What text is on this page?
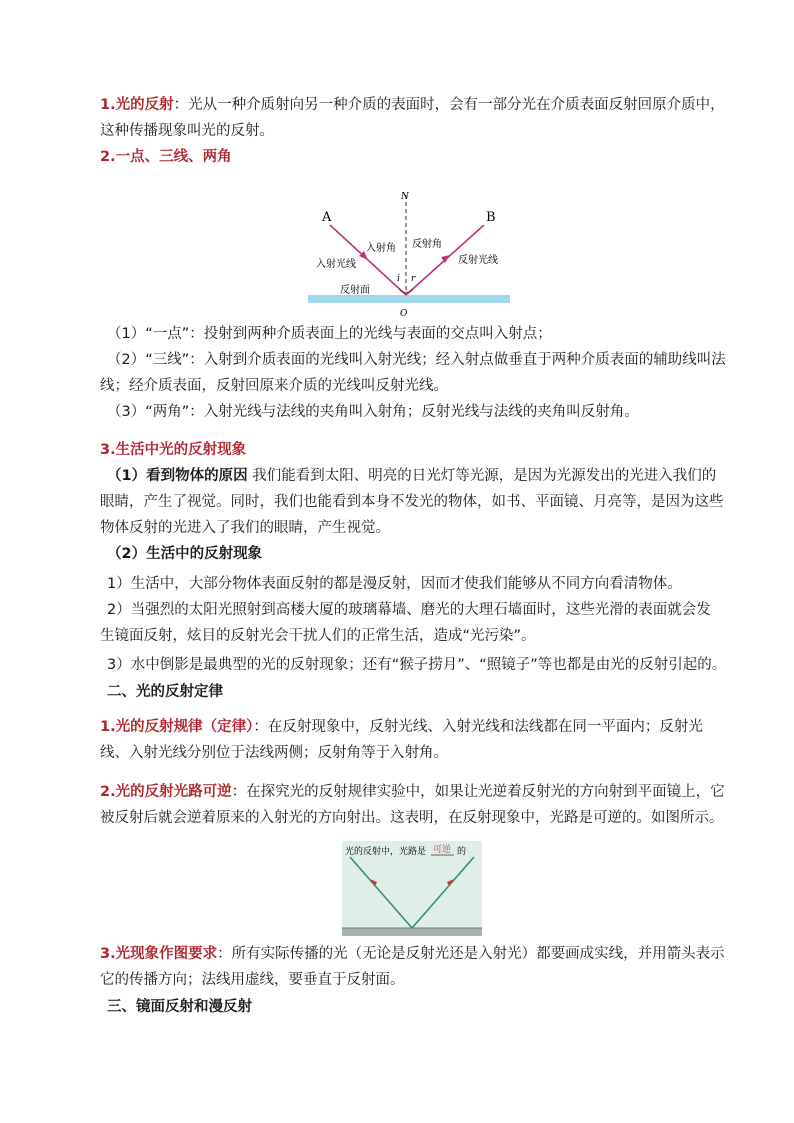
1.光的反射：光从一种介质射向另一种介质的表面时，会有一部分光在介质表面反射回原介质中，这种传播现象叫光的反射。
2.一点、三线、两角
A	B
N
O
i r
入射角 反射角
入射光线	反射光线
反射面
（1）“一点”：投射到两种介质表面上的光线与表面的交点叫入射点；
（2）“三线”：入射到介质表面的光线叫入射光线；经入射点做垂直于两种介质表面的辅助线叫法线；经介质表面，反射回原来介质的光线叫反射光线。
（3）“两角”：入射光线与法线的夹角叫入射角；反射光线与法线的夹角叫反射角。
3.生活中光的反射现象
（1）看到物体的原因 我们能看到太阳、明亮的日光灯等光源，是因为光源发出的光进入我们的眼睛，产生了视觉。同时，我们也能看到本身不发光的物体，如书、平面镜、月亮等，是因为这些物体反射的光进入了我们的眼睛，产生视觉。
（2）生活中的反射现象
1）生活中，大部分物体表面反射的都是漫反射，因而才使我们能够从不同方向看清物体。
2）当强烈的太阳光照射到高楼大厦的玻璃幕墙、磨光的大理石墙面时，这些光滑的表面就会发生镜面反射，炫目的反射光会干扰人们的正常生活，造成“光污染”。
3）水中倒影是最典型的光的反射现象；还有“猴子捞月”、“照镜子”等也都是由光的反射引起的。
二、光的反射定律
1.光的反射规律（定律）：在反射现象中，反射光线、入射光线和法线都在同一平面内；反射光线、入射光线分别位于法线两侧；反射角等于入射角。
2.光的反射光路可逆：在探究光的反射规律实验中，如果让光逆着反射光的方向射到平面镜上，它被反射后就会逆着原来的入射光的方向射出。这表明，在反射现象中，光路是可逆的。如图所示。
光的反射中，光路是 可逆 的
3.光现象作图要求：所有实际传播的光（无论是反射光还是入射光）都要画成实线，并用箭头表示它的传播方向；法线用虚线，要垂直于反射面。
三、镜面反射和漫反射
